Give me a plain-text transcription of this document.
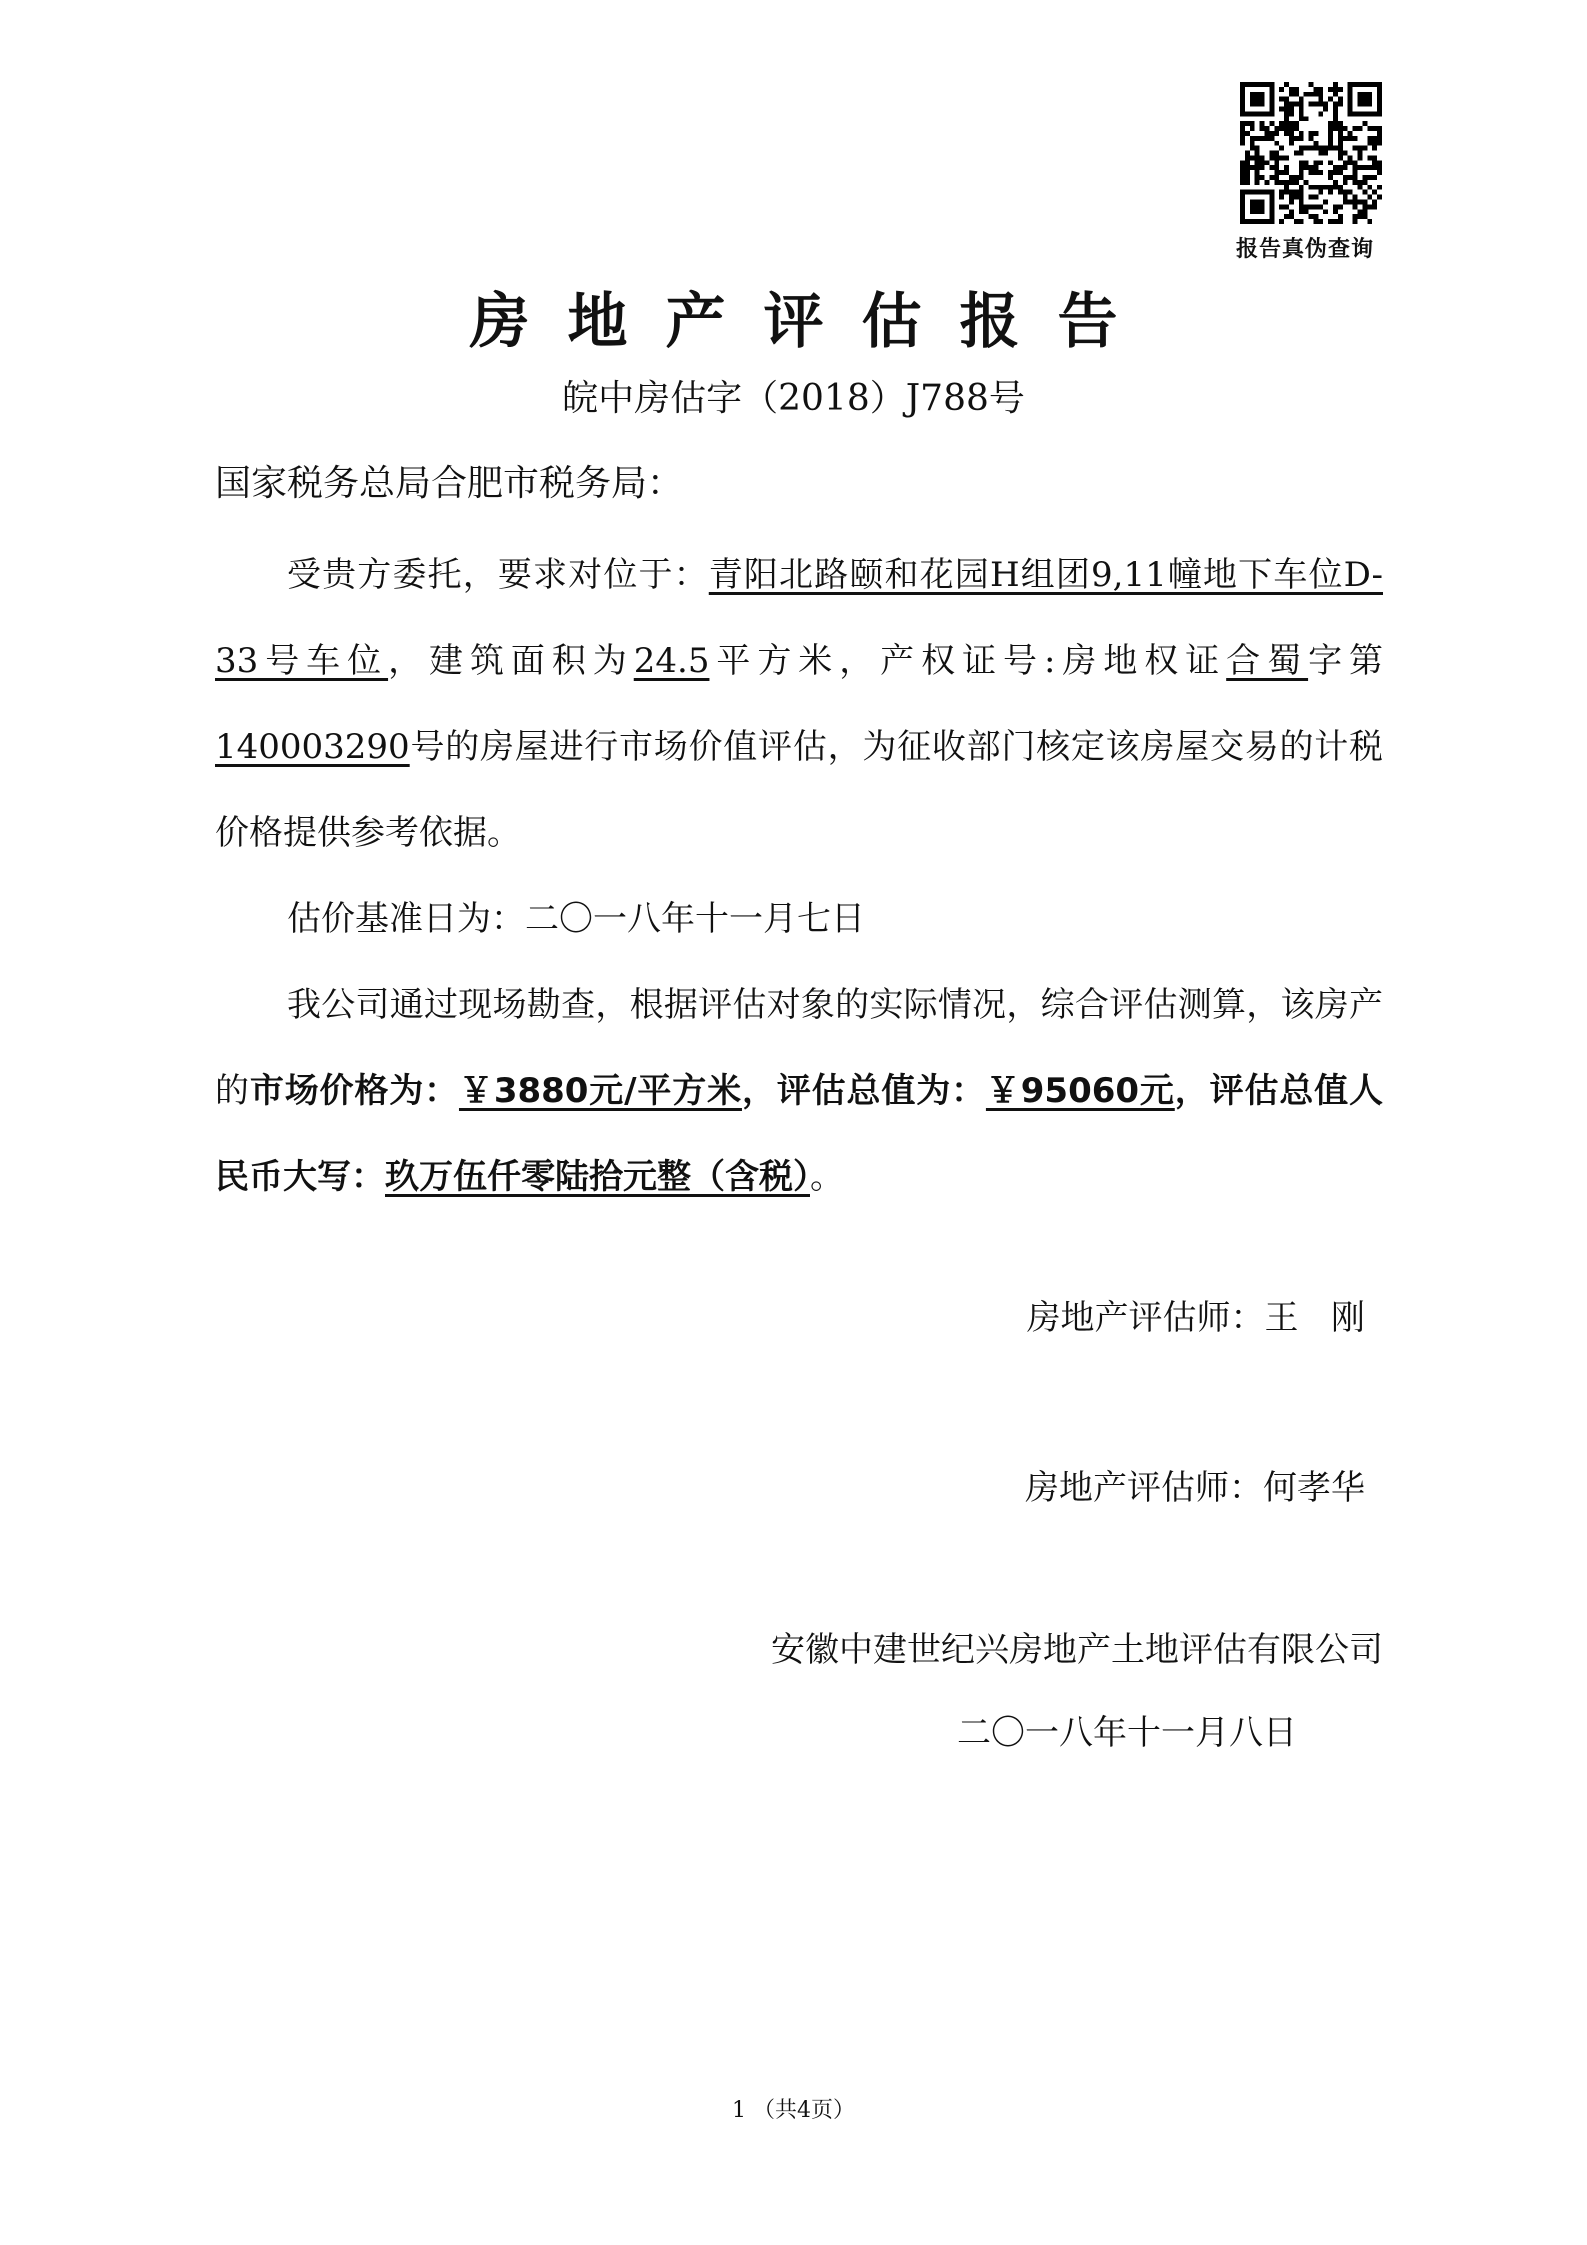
报告真伪查询
房地产评估报告
皖中房估字（2018）J788号
国家税务总局合肥市税务局：

受贵方委托，要求对位于：青阳北路颐和花园H组团9,11幢地下车位D-33号车位，建筑面积为24.5平方米，产权证号:房地权证合蜀字第140003290号的房屋进行市场价值评估，为征收部门核定该房屋交易的计税价格提供参考依据。

估价基准日为：二〇一八年十一月七日

我公司通过现场勘查，根据评估对象的实际情况，综合评估测算，该房产的市场价格为：￥3880元/平方米，评估总值为：￥95060元，评估总值人民币大写：玖万伍仟零陆拾元整（含税）。

房地产评估师：王   刚
房地产评估师：何孝华
安徽中建世纪兴房地产土地评估有限公司
二〇一八年十一月八日
1 （共4页）
